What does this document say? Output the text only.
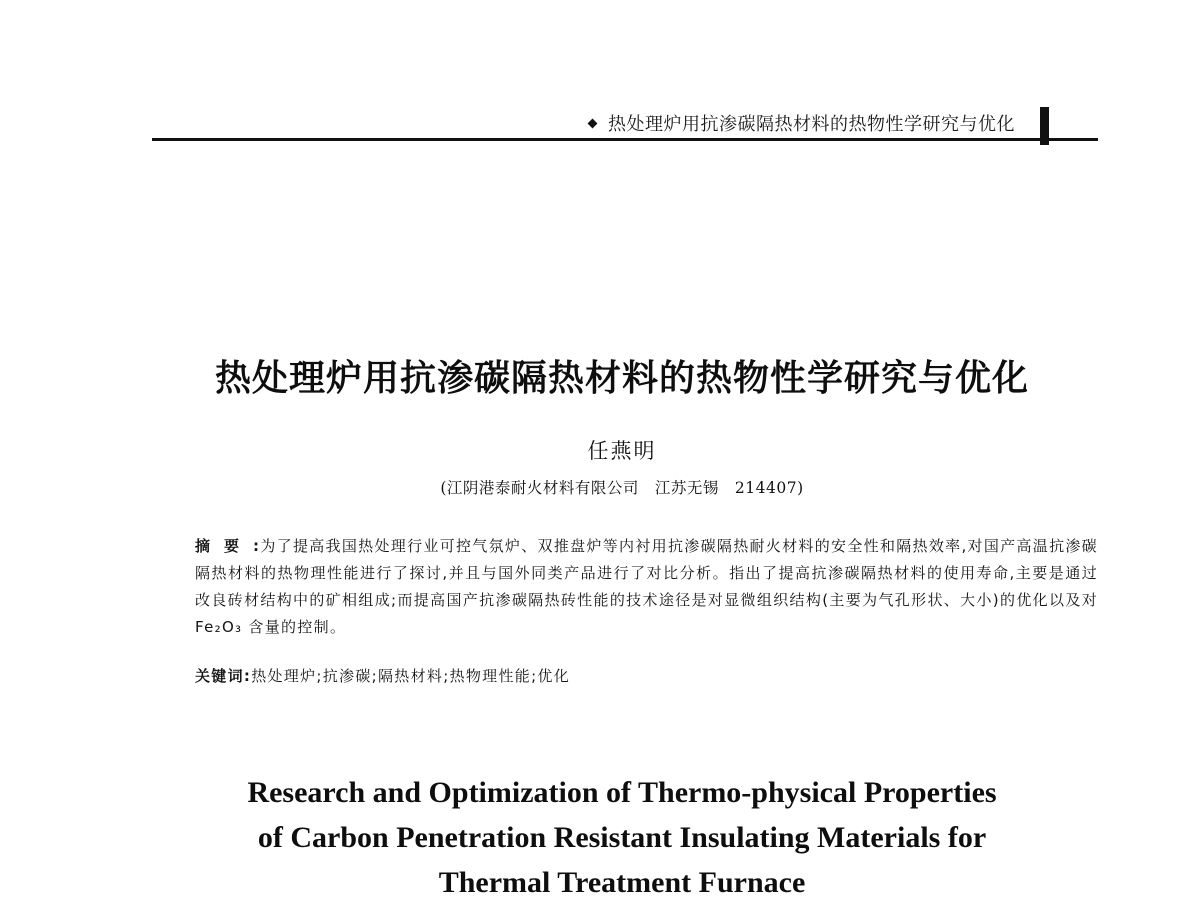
热处理炉用抗渗碳隔热材料的热物性学研究与优化
热处理炉用抗渗碳隔热材料的热物性学研究与优化
任燕明
(江阴港泰耐火材料有限公司　江苏无锡　214407)
摘要:为了提高我国热处理行业可控气氛炉、双推盘炉等内衬用抗渗碳隔热耐火材料的安全性和隔热效率,对国产高温抗渗碳隔热材料的热物理性能进行了探讨,并且与国外同类产品进行了对比分析。指出了提高抗渗碳隔热材料的使用寿命,主要是通过改良砖材结构中的矿相组成;而提高国产抗渗碳隔热砖性能的技术途径是对显微组织结构(主要为气孔形状、大小)的优化以及对 Fe₂O₃ 含量的控制。
关键词:热处理炉;抗渗碳;隔热材料;热物理性能;优化
Research and Optimization of Thermo-physical Properties
of Carbon Penetration Resistant Insulating Materials for
Thermal Treatment Furnace
